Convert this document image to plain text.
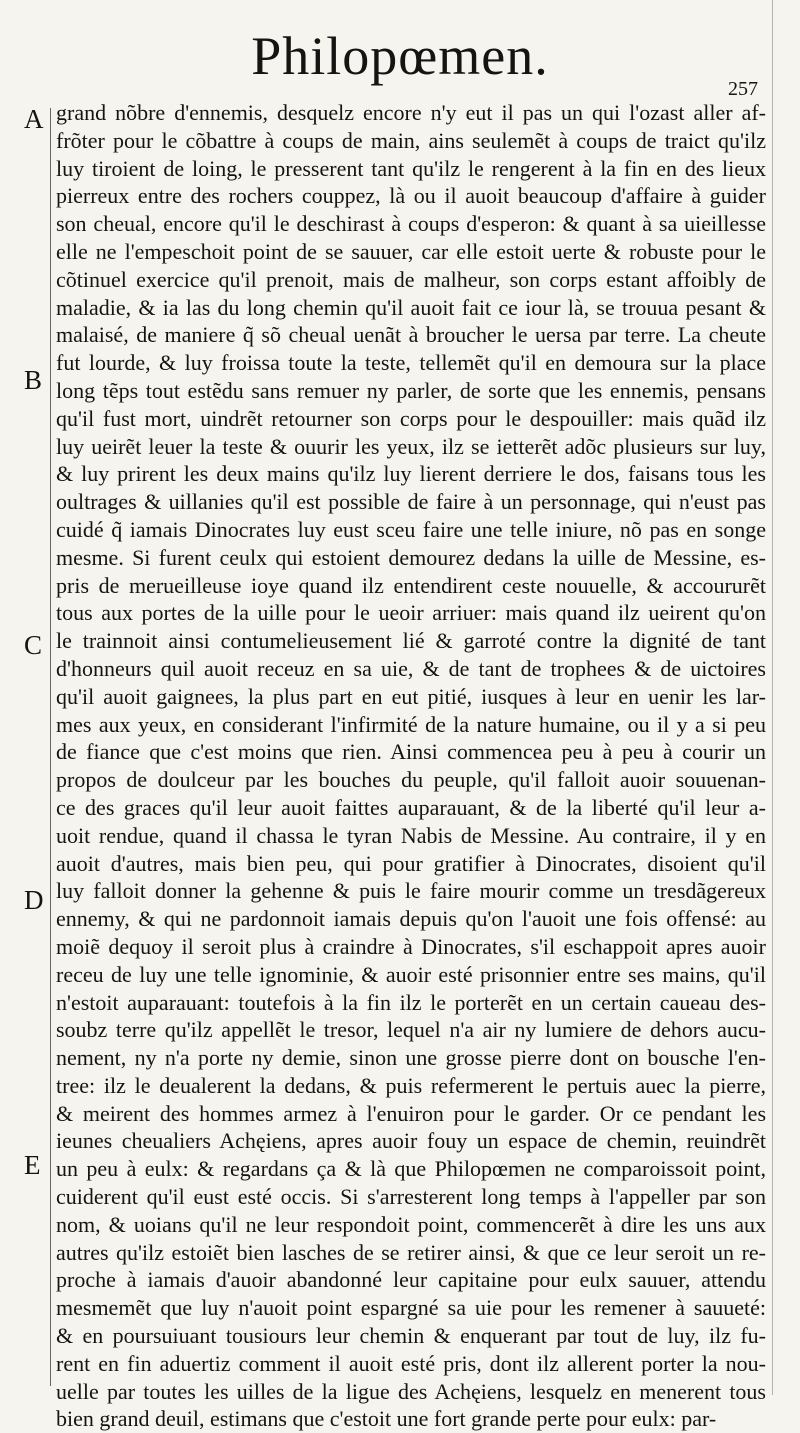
Philopœmen.
257
A
B
C
D
E
grand nõbre d'ennemis, desquelz encore n'y eut il pas un qui l'ozast aller af-
frõter pour le cõbattre à coups de main, ains seulemẽt à coups de traict qu'ilz
luy tiroient de loing, le presserent tant qu'ilz le rengerent à la fin en des lieux
pierreux entre des rochers couppez, là ou il auoit beaucoup d'affaire à guider
son cheual, encore qu'il le deschirast à coups d'esperon: & quant à sa uieillesse
elle ne l'empeschoit point de se sauuer, car elle estoit uerte & robuste pour le
cõtinuel exercice qu'il prenoit, mais de malheur, son corps estant affoibly de
maladie, & ia las du long chemin qu'il auoit fait ce iour là, se trouua pesant &
malaisé, de maniere q̃ sõ cheual uenãt à broucher le uersa par terre. La cheute
fut lourde, & luy froissa toute la teste, tellemẽt qu'il en demoura sur la place
long tẽps tout estẽdu sans remuer ny parler, de sorte que les ennemis, pensans
qu'il fust mort, uindrẽt retourner son corps pour le despouiller: mais quãd ilz
luy ueirẽt leuer la teste & ouurir les yeux, ilz se ietterẽt adõc plusieurs sur luy,
& luy prirent les deux mains qu'ilz luy lierent derriere le dos, faisans tous les
oultrages & uillanies qu'il est possible de faire à un personnage, qui n'eust pas
cuidé q̃ iamais Dinocrates luy eust sceu faire une telle iniure, nõ pas en songe
mesme. Si furent ceulx qui estoient demourez dedans la uille de Messine, es-
pris de merueilleuse ioye quand ilz entendirent ceste nouuelle, & accoururẽt
tous aux portes de la uille pour le ueoir arriuer: mais quand ilz ueirent qu'on
le trainnoit ainsi contumelieusement lié & garroté contre la dignité de tant
d'honneurs quil auoit receuz en sa uie, & de tant de trophees & de uictoires
qu'il auoit gaignees, la plus part en eut pitié, iusques à leur en uenir les lar-
mes aux yeux, en considerant l'infirmité de la nature humaine, ou il y a si peu
de fiance que c'est moins que rien. Ainsi commencea peu à peu à courir un
propos de doulceur par les bouches du peuple, qu'il falloit auoir souuenan-
ce des graces qu'il leur auoit faittes auparauant, & de la liberté qu'il leur a-
uoit rendue, quand il chassa le tyran Nabis de Messine. Au contraire, il y en
auoit d'autres, mais bien peu, qui pour gratifier à Dinocrates, disoient qu'il
luy falloit donner la gehenne & puis le faire mourir comme un tresdãgereux
ennemy, & qui ne pardonnoit iamais depuis qu'on l'auoit une fois offensé: au
moiẽ dequoy il seroit plus à craindre à Dinocrates, s'il eschappoit apres auoir
receu de luy une telle ignominie, & auoir esté prisonnier entre ses mains, qu'il
n'estoit auparauant: toutefois à la fin ilz le porterẽt en un certain caueau des-
soubz terre qu'ilz appellẽt le tresor, lequel n'a air ny lumiere de dehors aucu-
nement, ny n'a porte ny demie, sinon une grosse pierre dont on bousche l'en-
tree: ilz le deualerent la dedans, & puis refermerent le pertuis auec la pierre,
& meirent des hommes armez à l'enuiron pour le garder. Or ce pendant les
ieunes cheualiers Achęiens, apres auoir fouy un espace de chemin, reuindrẽt
un peu à eulx: & regardans ça & là que Philopœmen ne comparoissoit point,
cuiderent qu'il eust esté occis. Si s'arresterent long temps à l'appeller par son
nom, & uoians qu'il ne leur respondoit point, commencerẽt à dire les uns aux
autres qu'ilz estoiẽt bien lasches de se retirer ainsi, & que ce leur seroit un re-
proche à iamais d'auoir abandonné leur capitaine pour eulx sauuer, attendu
mesmemẽt que luy n'auoit point espargné sa uie pour les remener à sauueté:
& en poursuiuant tousiours leur chemin & enquerant par tout de luy, ilz fu-
rent en fin aduertiz comment il auoit esté pris, dont ilz allerent porter la nou-
uelle par toutes les uilles de la ligue des Achęiens, lesquelz en menerent tous
bien grand deuil, estimans que c'estoit une fort grande perte pour eulx: par-
